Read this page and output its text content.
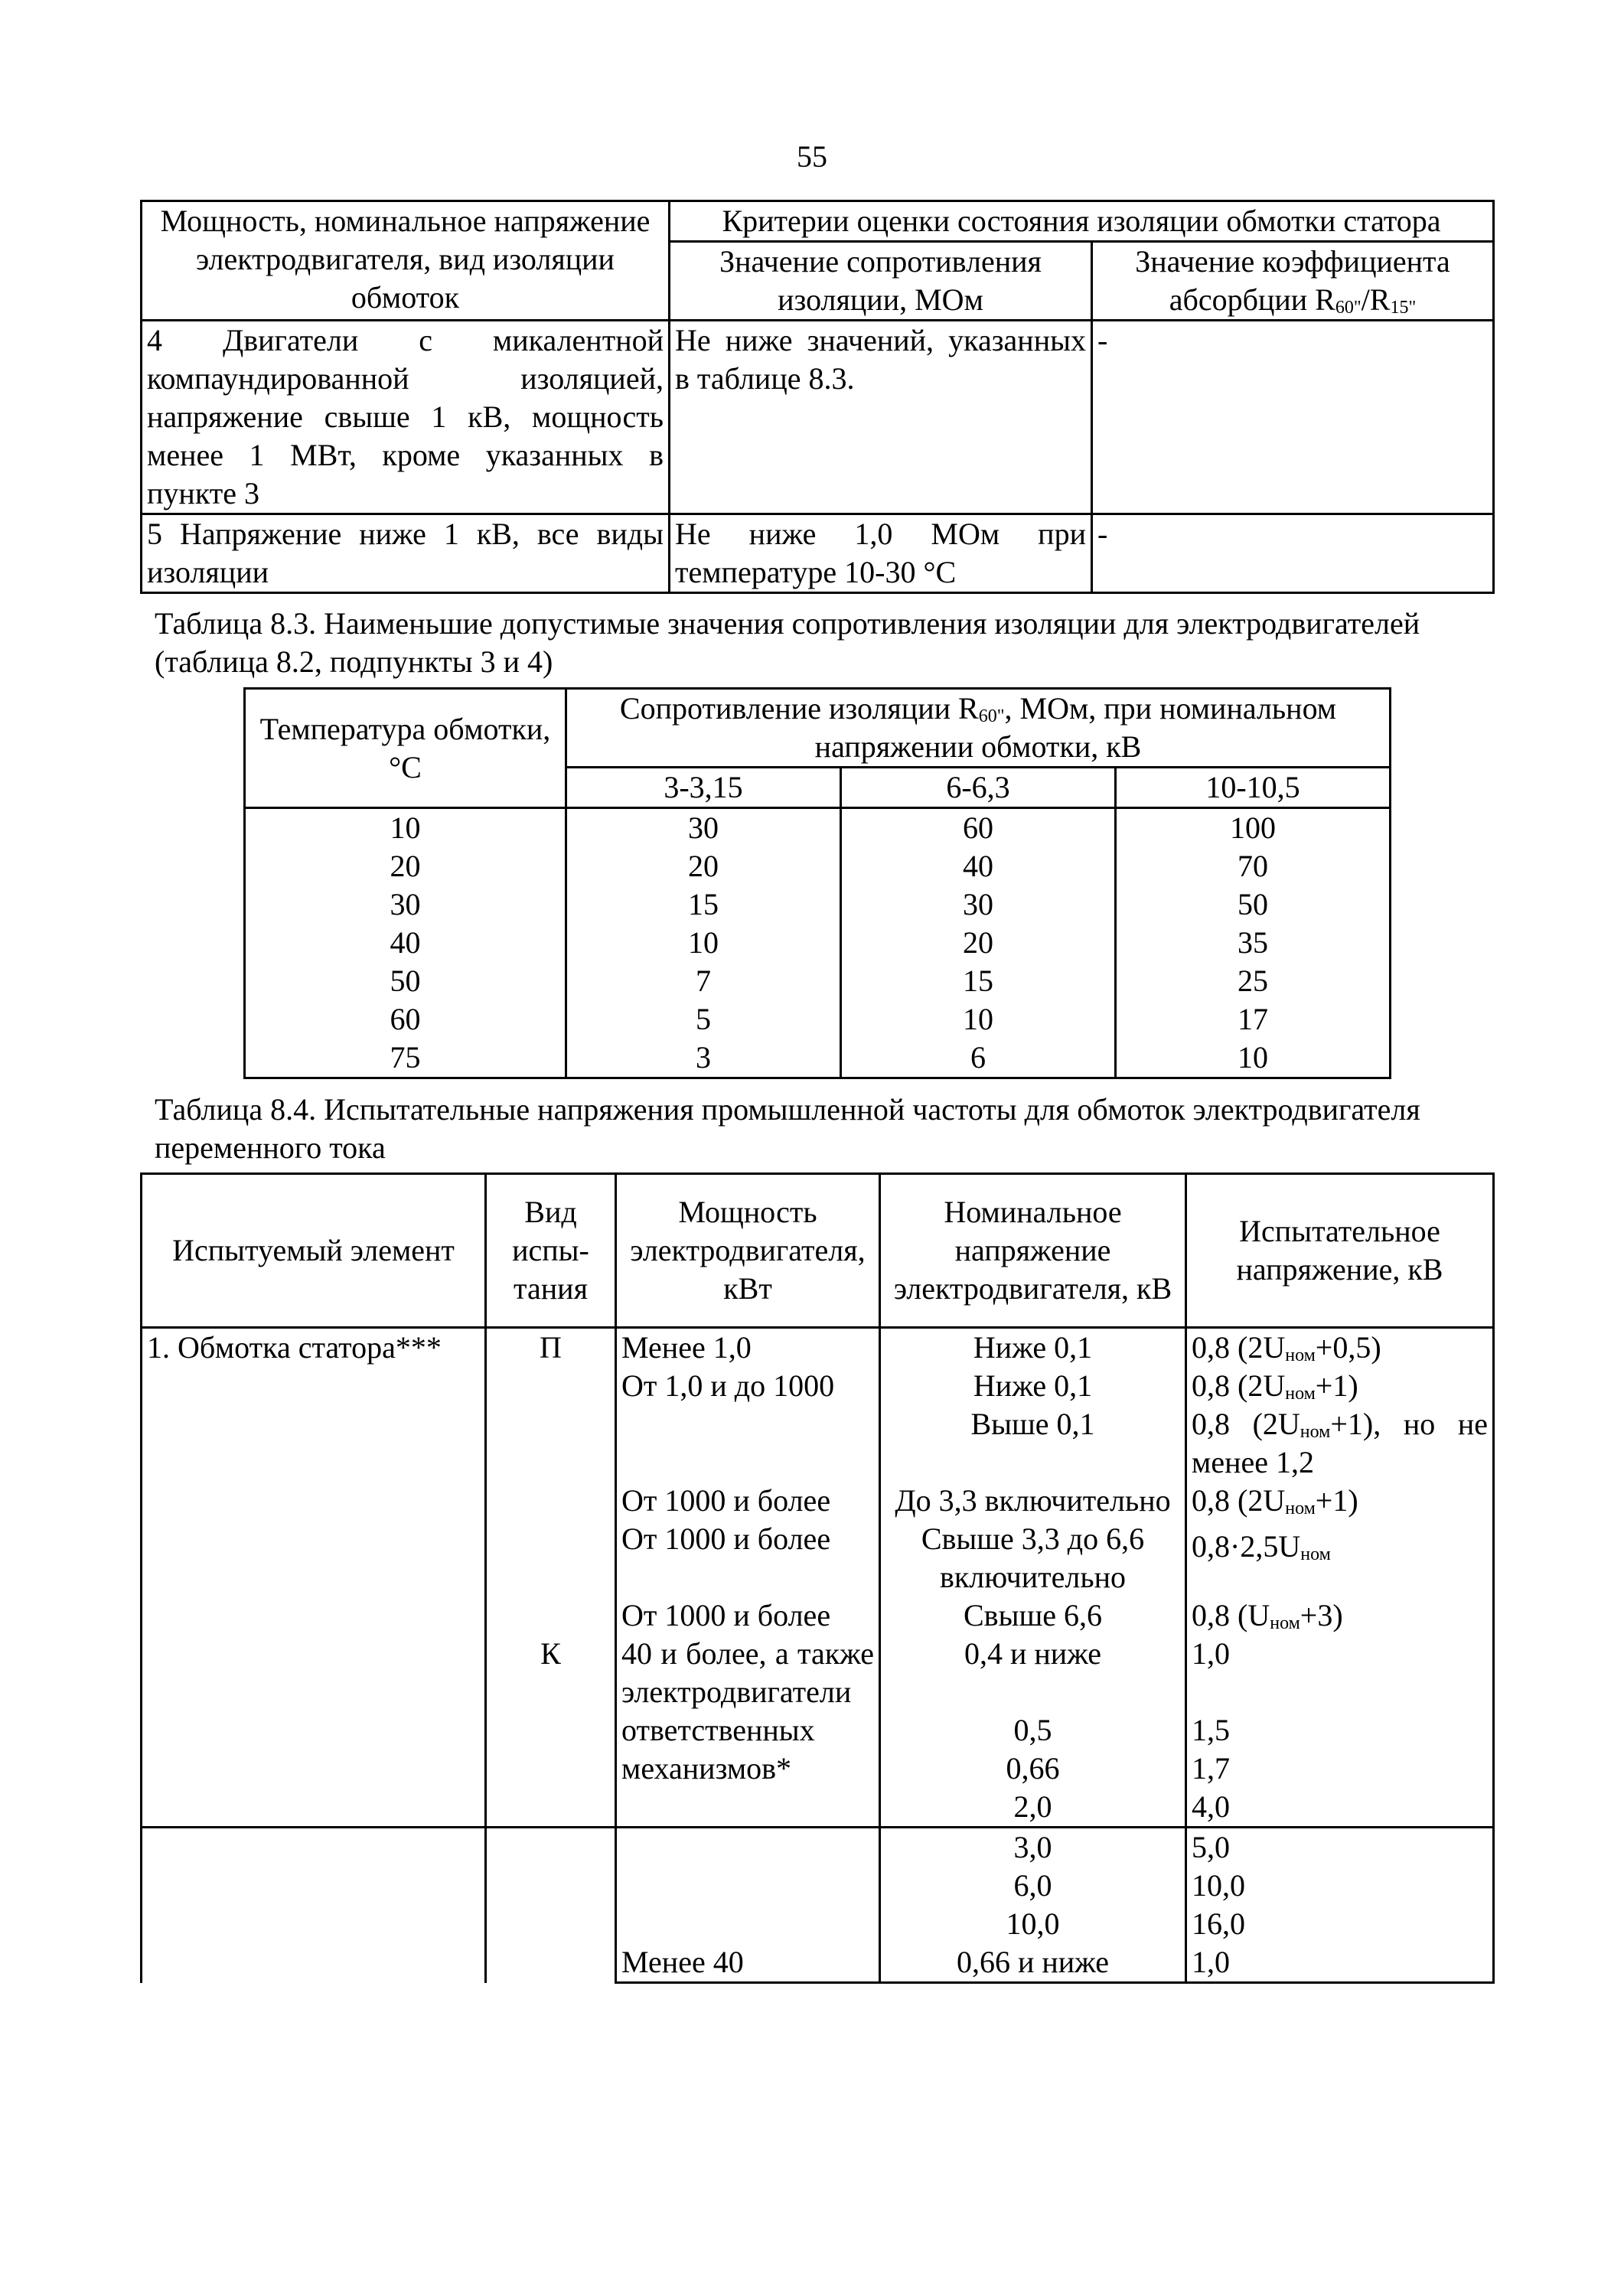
55
Мощность, номинальное напряжение электродвигателя, вид изоляции обмоток	Критерии оценки состояния изоляции обмотки статора	
	Значение сопротивления изоляции, МОм	Значение коэффициента абсорбции $R_{60"}/R_{15"}$
4 Двигатели с микалентной компаундированной изоляцией, напряжение свыше 1 кВ, мощность менее 1 МВт, кроме указанных в пункте 3	Не ниже значений, указанных в таблице 8.3.	-
5 Напряжение ниже 1 кВ, все виды изоляции	Не ниже 1,0 МОм при температуре 10-30 °С	-
Таблица 8.3. Наименьшие допустимые значения сопротивления изоляции для электродвигателей (таблица 8.2, подпункты 3 и 4)
Температура обмотки, °С	Сопротивление изоляции $R_{60"}$, МОм, при номинальном напряжении обмотки, кВ		
	3-3,15	6-6,3	10-10,5
10	30	60	100
20	20	40	70
30	15	30	50
40	10	20	35
50	7	15	25
60	5	10	17
75	3	6	10
Таблица 8.4. Испытательные напряжения промышленной частоты для обмоток электродвигателя переменного тока
Испытуемый элемент	Вид испы-тания	Мощность электродвигателя, кВт	Номинальное напряжение электродвигателя, кВ	Испытательное напряжение, кВ
1. Обмотка статора***	П	Менее 1,0	Ниже 0,1	0,8 $(2U_{ном}+0,5)$
		От 1,0 и до 1000	Ниже 0,1	0,8 $(2U_{ном}+1)$
			Выше 0,1	0,8 $(2U_{ном}+1)$, но не менее 1,2
		От 1000 и более	До 3,3 включительно	0,8 $(2U_{ном}+1)$
		От 1000 и более	Свыше 3,3 до 6,6 включительно	$0,8\cdot 2,5U_{ном}$
		От 1000 и более	Свыше 6,6	0,8 $(U_{ном}+3)$
	К	40 и более, а также электродвигатели ответственных механизмов*	0,4 и ниже	1,0
			0,5	1,5
			0,66	1,7
			2,0	4,0
			3,0	5,0
			6,0	10,0
			10,0	16,0
		Менее 40	0,66 и ниже	1,0
